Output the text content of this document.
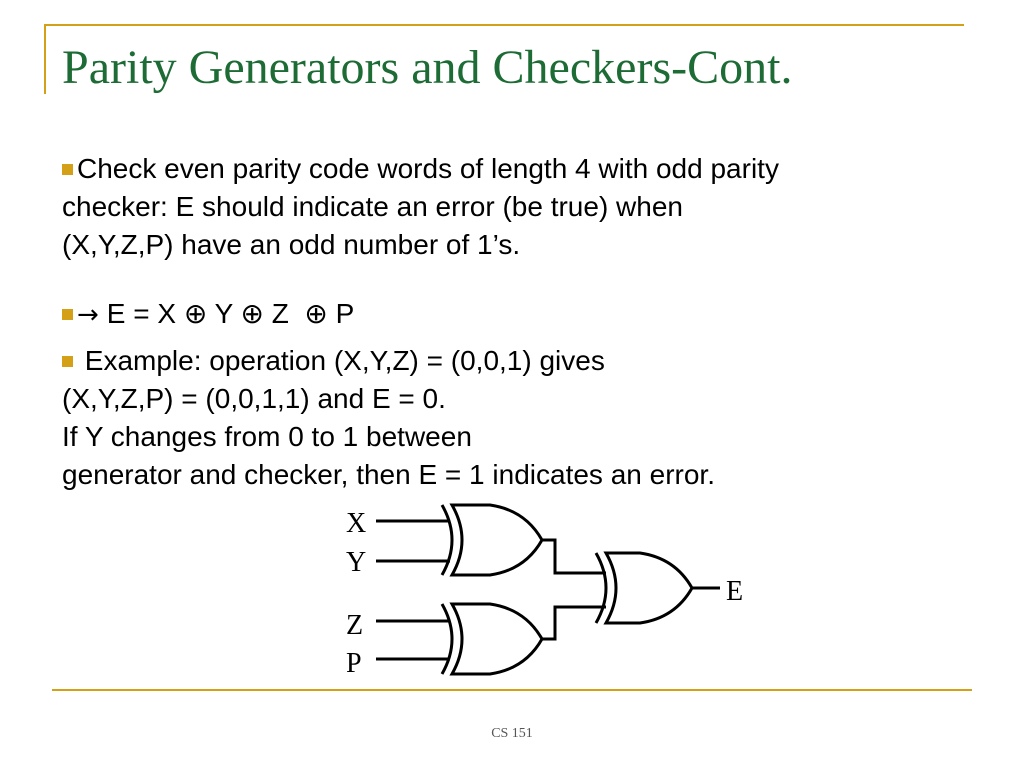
Parity Generators and Checkers-Cont.
Check even parity code words of length 4 with odd parity
checker: E should indicate an error (be true) when
(X,Y,Z,P) have an odd number of 1’s.
→ E = X ⊕ Y ⊕ Z  ⊕ P
Example: operation (X,Y,Z) = (0,0,1) gives
(X,Y,Z,P) = (0,0,1,1) and E = 0.
If Y changes from 0 to 1 between
generator and checker, then E = 1 indicates an error.
X
Y
Z
P
E
CS 151
